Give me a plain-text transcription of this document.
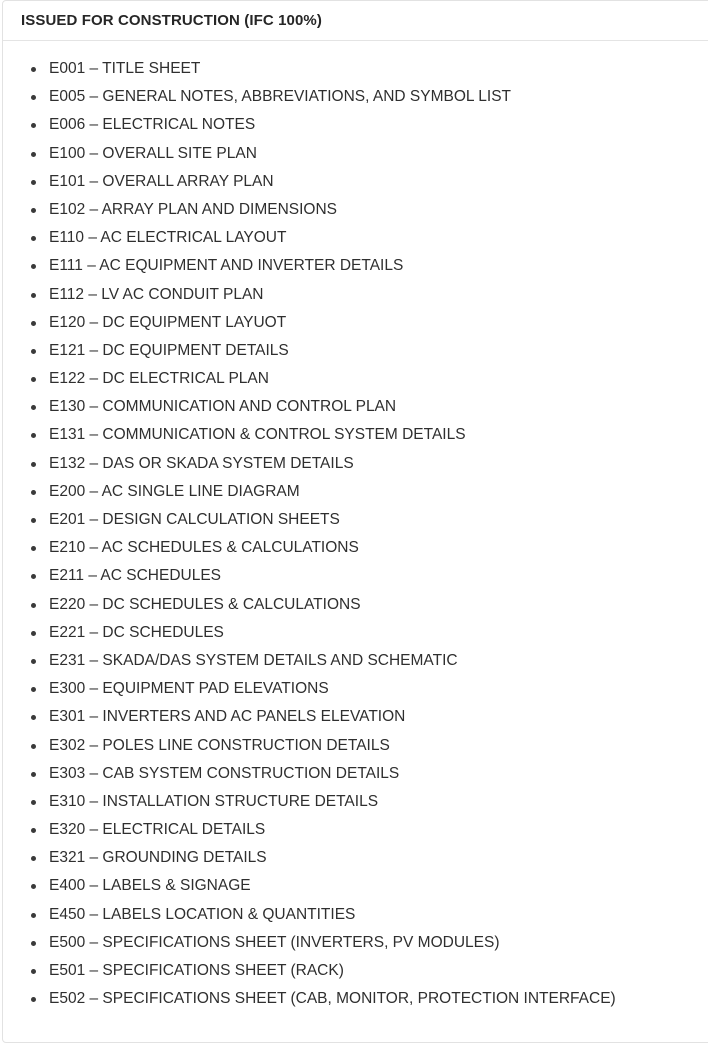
ISSUED FOR CONSTRUCTION (IFC 100%)
E001 – TITLE SHEET
E005 – GENERAL NOTES, ABBREVIATIONS, AND SYMBOL LIST
E006 – ELECTRICAL NOTES
E100 – OVERALL SITE PLAN
E101 – OVERALL ARRAY PLAN
E102 – ARRAY PLAN AND DIMENSIONS
E110 – AC ELECTRICAL LAYOUT
E111 – AC EQUIPMENT AND INVERTER DETAILS
E112 – LV AC CONDUIT PLAN
E120 – DC EQUIPMENT LAYUOT
E121 – DC EQUIPMENT DETAILS
E122 – DC ELECTRICAL PLAN
E130 – COMMUNICATION AND CONTROL PLAN
E131 – COMMUNICATION & CONTROL SYSTEM DETAILS
E132 – DAS OR SKADA SYSTEM DETAILS
E200 – AC SINGLE LINE DIAGRAM
E201 – DESIGN CALCULATION SHEETS
E210 – AC SCHEDULES & CALCULATIONS
E211 – AC SCHEDULES
E220 – DC SCHEDULES & CALCULATIONS
E221 – DC SCHEDULES
E231 – SKADA/DAS SYSTEM DETAILS AND SCHEMATIC
E300 – EQUIPMENT PAD ELEVATIONS
E301 – INVERTERS AND AC PANELS ELEVATION
E302 – POLES LINE CONSTRUCTION DETAILS
E303 – CAB SYSTEM CONSTRUCTION DETAILS
E310 – INSTALLATION STRUCTURE DETAILS
E320 – ELECTRICAL DETAILS
E321 – GROUNDING DETAILS
E400 – LABELS & SIGNAGE
E450 – LABELS LOCATION & QUANTITIES
E500 – SPECIFICATIONS SHEET (INVERTERS, PV MODULES)
E501 – SPECIFICATIONS SHEET (RACK)
E502 – SPECIFICATIONS SHEET (CAB, MONITOR, PROTECTION INTERFACE)
